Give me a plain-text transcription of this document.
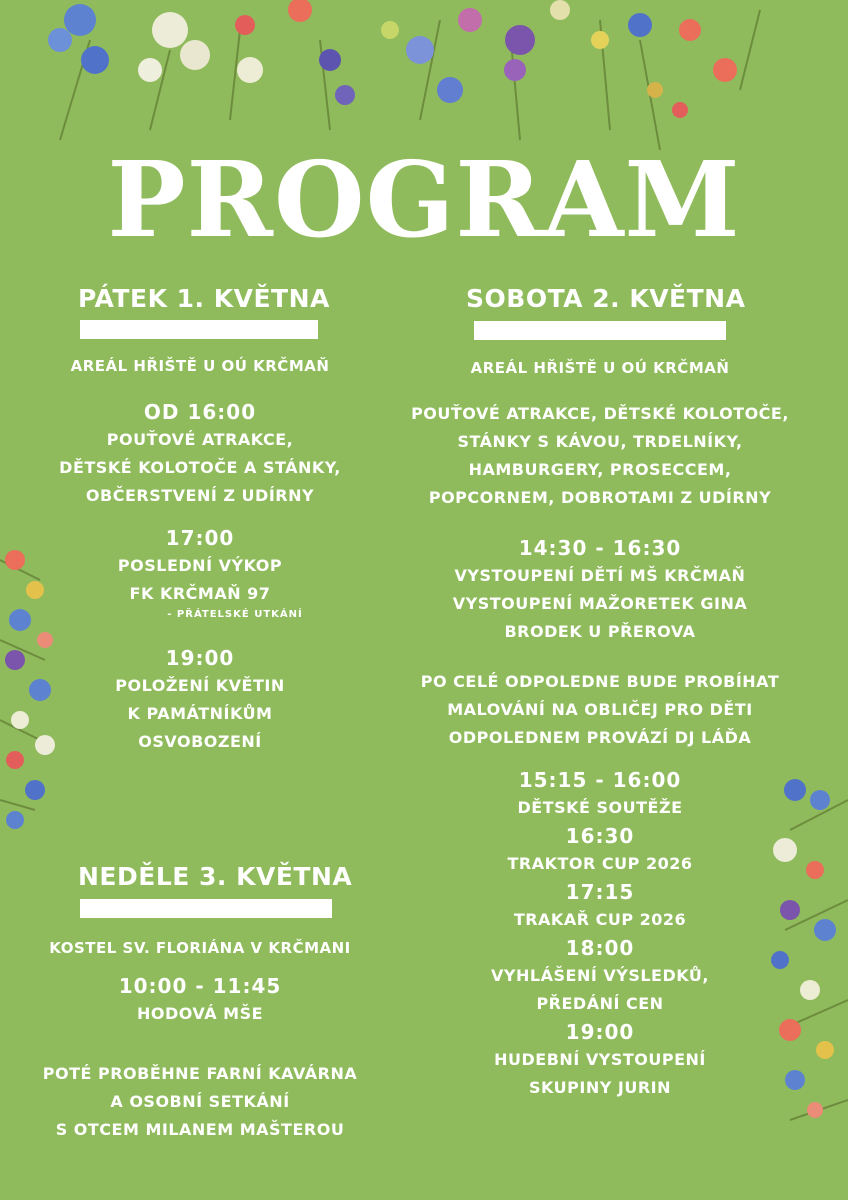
PROGRAM
PÁTEK 1. KVĚTNA
AREÁL HŘIŠTĚ U OÚ KRČMAŇ
OD 16:00
POUŤOVÉ ATRAKCE,
DĚTSKÉ KOLOTOČE A STÁNKY,
OBČERSTVENÍ Z UDÍRNY
17:00
POSLEDNÍ VÝKOP
FK KRČMAŇ 97
- PŘÁTELSKÉ UTKÁNÍ
19:00
POLOŽENÍ KVĚTIN
K PAMÁTNÍKŮM
OSVOBOZENÍ
NEDĚLE 3. KVĚTNA
KOSTEL SV. FLORIÁNA V KRČMANI
10:00 - 11:45
HODOVÁ MŠE
POTÉ PROBĚHNE FARNÍ KAVÁRNA
A OSOBNÍ SETKÁNÍ
S OTCEM MILANEM MAŠTEROU
SOBOTA 2. KVĚTNA
AREÁL HŘIŠTĚ U OÚ KRČMAŇ
POUŤOVÉ ATRAKCE, DĚTSKÉ KOLOTOČE,
STÁNKY S KÁVOU, TRDELNÍKY,
HAMBURGERY, PROSECCEM,
POPCORNEM, DOBROTAMI Z UDÍRNY
14:30 - 16:30
VYSTOUPENÍ DĚTÍ MŠ KRČMAŇ
VYSTOUPENÍ MAŽORETEK GINA
BRODEK U PŘEROVA
PO CELÉ ODPOLEDNE BUDE PROBÍHAT
MALOVÁNÍ NA OBLIČEJ PRO DĚTI
ODPOLEDNEM PROVÁZÍ DJ LÁĎA
15:15 - 16:00
DĚTSKÉ SOUTĚŽE
16:30
TRAKTOR CUP 2026
17:15
TRAKAŘ CUP 2026
18:00
VYHLÁŠENÍ VÝSLEDKŮ,
PŘEDÁNÍ CEN
19:00
HUDEBNÍ VYSTOUPENÍ
SKUPINY JURIN
